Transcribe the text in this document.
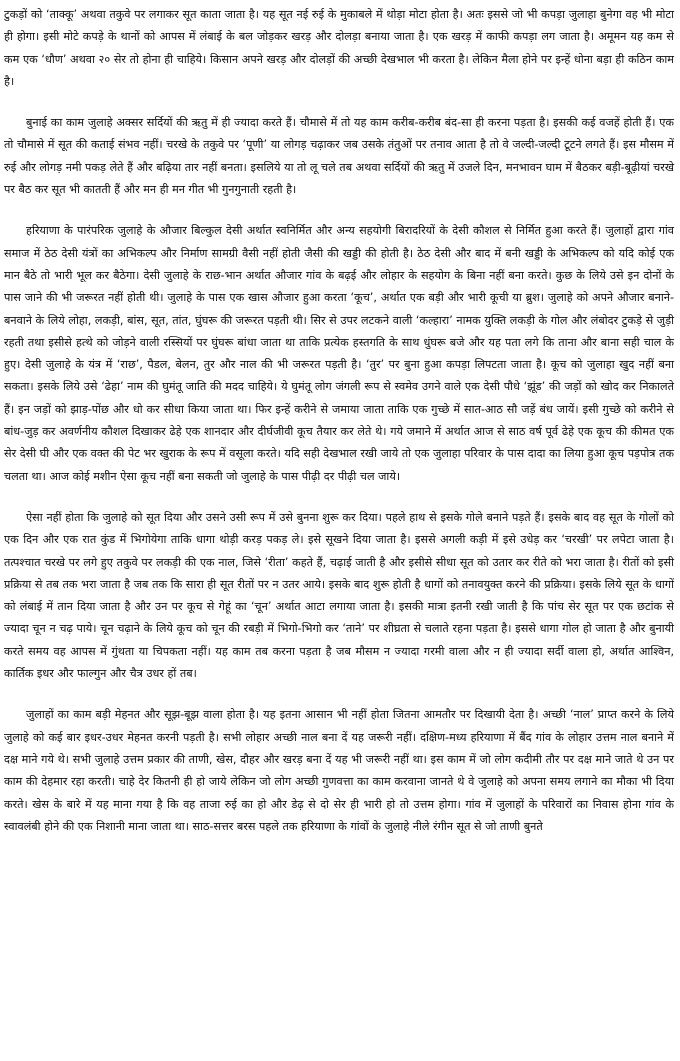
टुकड़ों को ‘ताक्कू’ अथवा तकुवे पर लगाकर सूत काता जाता है। यह सूत नई रुई के मुकाबले में थोड़ा मोटा होता है। अतः इससे जो भी कपड़ा जुलाहा बुनेगा वह भी मोटा ही होगा। इसी मोटे कपड़े के थानों को आपस में लंबाई के बल जोड़कर खरड़ और दोलड़ा बनाया जाता है। एक खरड़ में काफी कपड़ा लग जाता है। अमूमन यह कम से कम एक ‘धौण’ अथवा २० सेर तो होना ही चाहिये। किसान अपने खरड़ और दोलड़ों की अच्छी देखभाल भी करता है। लेकिन मैला होने पर इन्हें धोना बड़ा ही कठिन काम है।

बुनाई का काम जुलाहे अक्सर सर्दियों की ऋतु में ही ज्यादा करते हैं। चौमासे में तो यह काम करीब-करीब बंद-सा ही करना पड़ता है। इसकी कई वजहें होती हैं। एक तो चौमासे में सूत की कताई संभव नहीं। चरखे के तकुवे पर ‘पूणी’ या लोगड़ चढ़ाकर जब उसके तंतुओं पर तनाव आता है तो वे जल्दी-जल्दी टूटने लगते हैं। इस मौसम में रुई और लोगड़ नमी पकड़ लेते हैं और बढ़िया तार नहीं बनता। इसलिये या तो लू चले तब अथवा सर्दियों की ऋतु में उजले दिन, मनभावन घाम में बैठकर बड़ी-बूढ़ीयां चरखे पर बैठ कर सूत भी कातती हैं और मन ही मन गीत भी गुनगुनाती रहती है।

हरियाणा के पारंपरिक जुलाहे के औजार बिल्कुल देसी अर्थात स्वनिर्मित और अन्य सहयोगी बिरादरियों के देसी कौशल से निर्मित हुआ करते हैं। जुलाहों द्वारा गांव समाज में ठेठ देसी यंत्रों का अभिकल्प और निर्माण सामग्री वैसी नहीं होती जैसी की खड्डी की होती है। ठेठ देसी और बाद में बनी खड्डी के अभिकल्प को यदि कोई एक मान बैठे तो भारी भूल कर बैठेगा। देसी जुलाहे के राछ-भान अर्थात औजार गांव के बढ़ई और लोहार के सहयोग के बिना नहीं बना करते। कुछ के लिये उसे इन दोनों के पास जाने की भी जरूरत नहीं होती थी। जुलाहे के पास एक खास औजार हुआ करता ‘कूच’, अर्थात एक बड़ी और भारी कूची या ब्रुश। जुलाहे को अपने औजार बनाने-बनवाने के लिये लोहा, लकड़ी, बांस, सूत, तांत, घुंघरू की जरूरत पड़ती थी। सिर से उपर लटकने वाली ‘कल्हारा’ नामक युक्ति लकड़ी के गोल और लंबोदर टुकड़े से जुड़ी रहती तथा इसीसे हत्थे को जोड़ने वाली रस्सियों पर घुंघरू बांधा जाता था ताकि प्रत्येक हस्तगति के साथ धुंघरू बजे और यह पता लगे कि ताना और बाना सही चाल के हुए। देसी जुलाहे के यंत्र में ‘राछ’, पैडल, बेलन, तुर और नाल की भी जरूरत पड़ती है। ‘तुर’ पर बुना हुआ कपड़ा लिपटता जाता है। कूच को जुलाहा खुद नहीं बना सकता। इसके लिये उसे ‘ढेहा’ नाम की घुमंतू जाति की मदद चाहिये। ये घुमंतू लोग जंगली रूप से स्वमेव उगने वाले एक देसी पौधे ‘झूंड’ की जड़ों को खोद कर निकालते हैं। इन जड़ों को झाड़-पोंछ और धो कर सीधा किया जाता था। फिर इन्हें करीने से जमाया जाता ताकि एक गुच्छे में सात-आठ सौ जड़ें बंध जायें। इसी गुच्छे को करीने से बांध-जुड़ कर अवर्णनीय कौशल दिखाकर ढेहे एक शानदार और दीर्घजीवी कूच तैयार कर लेते थे। गये जमाने में अर्थात आज से साठ वर्ष पूर्व ढेहे एक कूच की कीमत एक सेर देसी घी और एक वक्त की पेट भर खुराक के रूप में वसूला करते। यदि सही देखभाल रखी जाये तो एक जुलाहा परिवार के पास दादा का लिया हुआ कूच पड़पोत्र तक चलता था। आज कोई मशीन ऐसा कूच नहीं बना सकती जो जुलाहे के पास पीढ़ी दर पीढ़ी चल जाये।

ऐसा नहीं होता कि जुलाहे को सूत दिया और उसने उसी रूप में उसे बुनना शुरू कर दिया। पहले हाथ से इसके गोले बनाने पड़ते हैं। इसके बाद वह सूत के गोलों को एक दिन और एक रात कुंड में भिगोयेगा ताकि धागा थोड़ी करड़ पकड़ ले। इसे सूखने दिया जाता है। इससे अगली कड़ी में इसे उधेड़ कर ‘चरखी’ पर लपेटा जाता है। तत्पश्चात चरखे पर लगे हुए तकुवे पर लकड़ी की एक नाल, जिसे ‘रीता’ कहते हैं, चढ़ाई जाती है और इसीसे सीधा सूत को उतार कर रीते को भरा जाता है। रीतों को इसी प्रक्रिया से तब तक भरा जाता है जब तक कि सारा ही सूत रीतों पर न उतर आये। इसके बाद शुरू होती है धागों को तनावयुक्त करने की प्रक्रिया। इसके लिये सूत के धागों को लंबाई में तान दिया जाता है और उन पर कूच से गेहूं का ‘चून’ अर्थात आटा लगाया जाता है। इसकी मात्रा इतनी रखी जाती है कि पांच सेर सूत पर एक छटांक से ज्यादा चून न चढ़ पाये। चून चढ़ाने के लिये कूच को चून की रबड़ी में भिगो-भिगो कर ‘ताने’ पर शीघ्रता से चलाते रहना पड़ता है। इससे धागा गोल हो जाता है और बुनायी करते समय वह आपस में गुंथता या चिपकता नहीं। यह काम तब करना पड़ता है जब मौसम न ज्यादा गरमी वाला और न ही ज्यादा सर्दी वाला हो, अर्थात आश्विन, कार्तिक इधर और फाल्गुन और चैत्र उधर हों तब।

जुलाहों का काम बड़ी मेहनत और सूझ-बूझ वाला होता है। यह इतना आसान भी नहीं होता जितना आमतौर पर दिखायी देता है। अच्छी ‘नाल’ प्राप्त करने के लिये जुलाहे को कई बार इधर-उधर मेहनत करनी पड़ती है। सभी लोहार अच्छी नाल बना दें यह जरूरी नहीं। दक्षिण-मध्य हरियाणा में बैंद गांव के लोहार उत्तम नाल बनाने में दक्ष माने गये थे। सभी जुलाहे उत्तम प्रकार की ताणी, खेस, दौहर और खरड़ बना दें यह भी जरूरी नहीं था। इस काम में जो लोग कदीमी तौर पर दक्ष माने जाते थे उन पर काम की देहमार रहा करती। चाहे देर कितनी ही हो जाये लेकिन जो लोग अच्छी गुणवत्ता का काम करवाना जानते थे वे जुलाहे को अपना समय लगाने का मौका भी दिया करते। खेस के बारे में यह माना गया है कि वह ताजा रुई का हो और डेढ़ से दो सेर ही भारी हो तो उत्तम होगा। गांव में जुलाहों के परिवारों का निवास होना गांव के स्वावलंबी होने की एक निशानी माना जाता था। साठ-सत्तर बरस पहले तक हरियाणा के गांवों के जुलाहे नीले रंगीन सूत से जो ताणी बुनते
